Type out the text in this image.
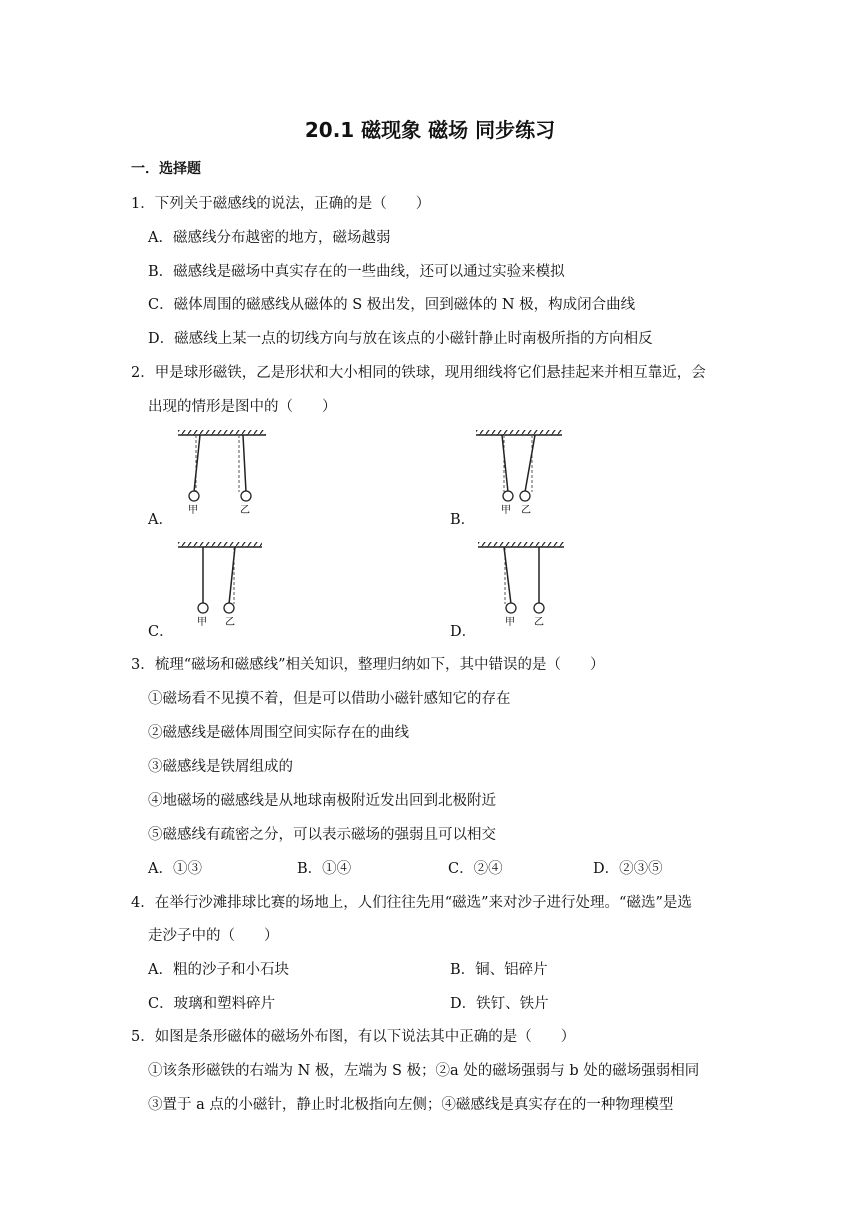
20.1 磁现象 磁场 同步练习
一．选择题
1．下列关于磁感线的说法，正确的是（　　）
A．磁感线分布越密的地方，磁场越弱
B．磁感线是磁场中真实存在的一些曲线，还可以通过实验来模拟
C．磁体周围的磁感线从磁体的 S 极出发，回到磁体的 N 极，构成闭合曲线
D．磁感线上某一点的切线方向与放在该点的小磁针静止时南极所指的方向相反
2．甲是球形磁铁，乙是形状和大小相同的铁球，现用细线将它们悬挂起来并相互靠近，会
出现的情形是图中的（　　）
A．
甲	乙
B．
甲 乙
C．
甲 乙
D．
甲 乙
3．梳理“磁场和磁感线”相关知识，整理归纳如下，其中错误的是（　　）
①磁场看不见摸不着，但是可以借助小磁针感知它的存在
②磁感线是磁体周围空间实际存在的曲线
③磁感线是铁屑组成的
④地磁场的磁感线是从地球南极附近发出回到北极附近
⑤磁感线有疏密之分，可以表示磁场的强弱且可以相交
A．①③	B．①④	C．②④	D．②③⑤
4．在举行沙滩排球比赛的场地上，人们往往先用“磁选”来对沙子进行处理。“磁选”是选
走沙子中的（　　）
A．粗的沙子和小石块	B．铜、铝碎片
C．玻璃和塑料碎片	D．铁钉、铁片
5．如图是条形磁体的磁场外布图，有以下说法其中正确的是（　　）
①该条形磁铁的右端为 N 极，左端为 S 极；②a 处的磁场强弱与 b 处的磁场强弱相同
③置于 a 点的小磁针，静止时北极指向左侧；④磁感线是真实存在的一种物理模型
